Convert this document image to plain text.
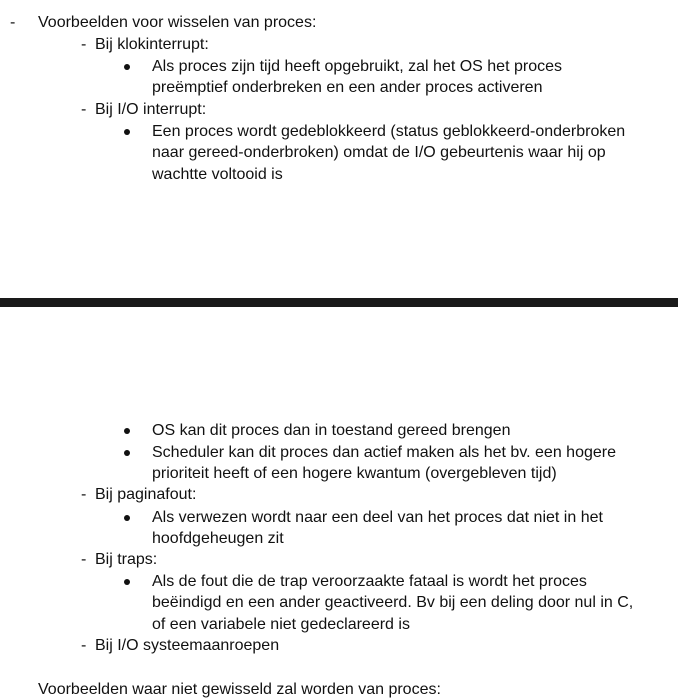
- Voorbeelden voor wisselen van proces:
- Bij klokinterrupt:
Als proces zijn tijd heeft opgebruikt, zal het OS het proces
preëmptief onderbreken en een ander proces activeren
- Bij I/O interrupt:
Een proces wordt gedeblokkeerd (status geblokkeerd-onderbroken
naar gereed-onderbroken) omdat de I/O gebeurtenis waar hij op
wachtte voltooid is
OS kan dit proces dan in toestand gereed brengen
Scheduler kan dit proces dan actief maken als het bv. een hogere
prioriteit heeft of een hogere kwantum (overgebleven tijd)
- Bij paginafout:
Als verwezen wordt naar een deel van het proces dat niet in het
hoofdgeheugen zit
- Bij traps:
Als de fout die de trap veroorzaakte fataal is wordt het proces
beëindigd en een ander geactiveerd. Bv bij een deling door nul in C,
of een variabele niet gedeclareerd is
- Bij I/O systeemaanroepen
Voorbeelden waar niet gewisseld zal worden van proces:
